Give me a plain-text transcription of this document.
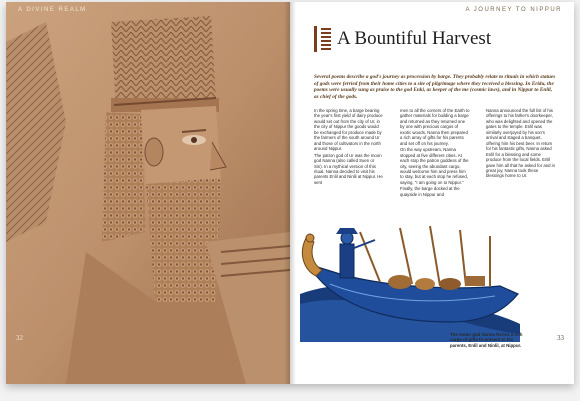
A DIVINE REALM
32
A JOURNEY TO NIPPUR
A Bountiful Harvest
Several poems describe a god's journey as procession by barge. They probably relate to rituals in which statues of gods were ferried from their home cities to a site of pilgrimage where they received a blessing. In Eridu, the poems were usually sung as praise to the god Enki, as keeper of the me (cosmic laws), and in Nippur to Enlil, as chief of the gods.

In the spring time, a barge bearing the year's first yield of dairy produce would set out from the city of Ur, in the city of Nippur the goods would be exchanged for produce made by the farmers of the south around Ur and those of cultivators in the north around Nippur.

The patron god of Ur was the moon god Nanna (also called Suen or Sin). In a mythical version of this ritual, Nanna decided to visit his parents Enlil and Ninlil at Nippur. He sent

men to all the corners of the Earth to gather materials for building a barge and returned as they returned one by one with precious cargos of exotic woods, Nanna then prepared a rich array of gifts for his parents and set off on his journey.

On the way upstream, Nanna stopped at five different cities. At each stop the patron goddess of the city, seeing the abundant cargo, would welcome him and press him to stay, but at each stop he refused, saying, "I am going on to Nippur."

Finally, the barge docked at the quayside in Nippur and

Nanna announced the full list of his offerings to his father's doorkeeper, who was delighted and opened the gates to the temple. Enlil was similarly overjoyed by his son's arrival and staged a banquet, offering him his best beer. In return for his fantastic gifts, Nanna asked Enlil for a blessing and some produce from the local fields. Enlil gave him all that he asked for and in great joy, Nanna took these blessings home to Ur.

The moon god Nanna ferries a rich cargo of gifts to present to his parents, Enlil and Ninlil, at Nippur.
33
